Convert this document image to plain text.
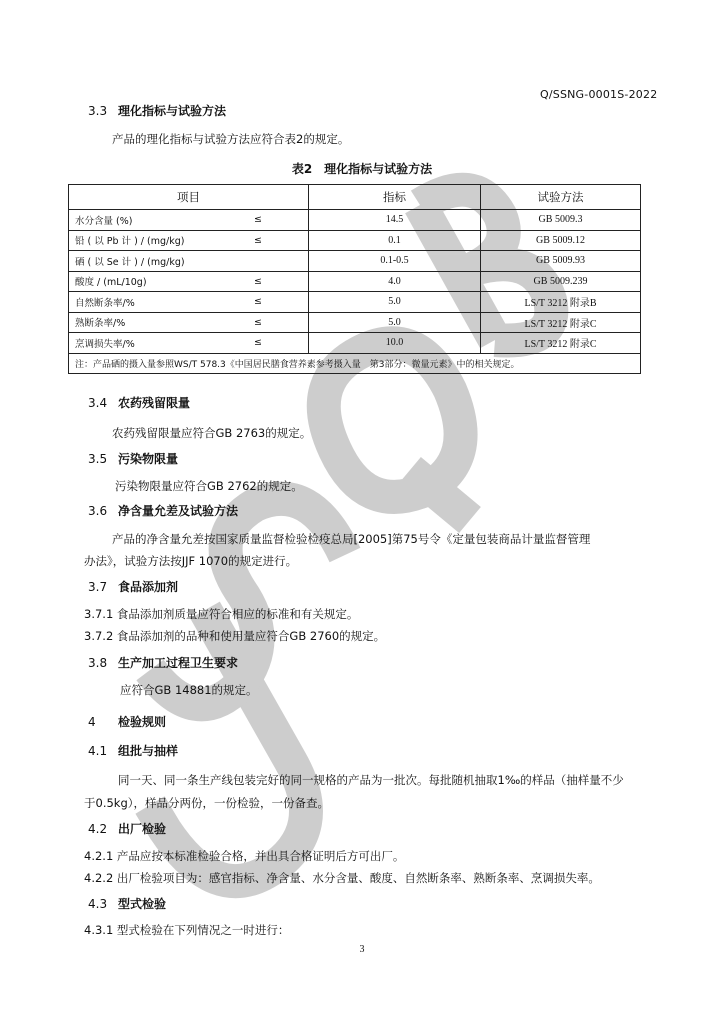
Q/SSNG-0001S-2022
3.3 理化指标与试验方法
产品的理化指标与试验方法应符合表2的规定。
表2　理化指标与试验方法
项目	指标	试验方法

水分含量 (%) ≤	14.5	GB 5009.3

铅 ( 以 Pb 计 ) / (mg/kg) ≤	0.1	GB 5009.12

硒 ( 以 Se 计 ) / (mg/kg)	0.1-0.5	GB 5009.93

酸度 / (mL/10g) ≤	4.0	GB 5009.239

自然断条率/% ≤	5.0	LS/T 3212 附录B

熟断条率/% ≤	5.0	LS/T 3212 附录C

烹调损失率/% ≤	10.0	LS/T 3212 附录C
注：产品硒的摄入量参照WS/T 578.3《中国居民膳食营养素参考摄入量　第3部分：微量元素》中的相关规定。		
3.4 农药残留限量
农药残留限量应符合GB 2763的规定。
3.5 污染物限量
污染物限量应符合GB 2762的规定。
3.6 净含量允差及试验方法
产品的净含量允差按国家质量监督检验检疫总局[2005]第75号令《定量包装商品计量监督管理
办法》，试验方法按JJF 1070的规定进行。
3.7 食品添加剂
3.7.1 食品添加剂质量应符合相应的标准和有关规定。
3.7.2 食品添加剂的品种和使用量应符合GB 2760的规定。
3.8 生产加工过程卫生要求
应符合GB 14881的规定。
4 检验规则
4.1 组批与抽样
同一天、同一条生产线包装完好的同一规格的产品为一批次。每批随机抽取1‰的样品（抽样量不少
于0.5kg），样品分两份，一份检验，一份备查。
4.2 出厂检验
4.2.1 产品应按本标准检验合格，并出具合格证明后方可出厂。
4.2.2 出厂检验项目为：感官指标、净含量、水分含量、酸度、自然断条率、熟断条率、烹调损失率。
4.3 型式检验
4.3.1 型式检验在下列情况之一时进行：
3
